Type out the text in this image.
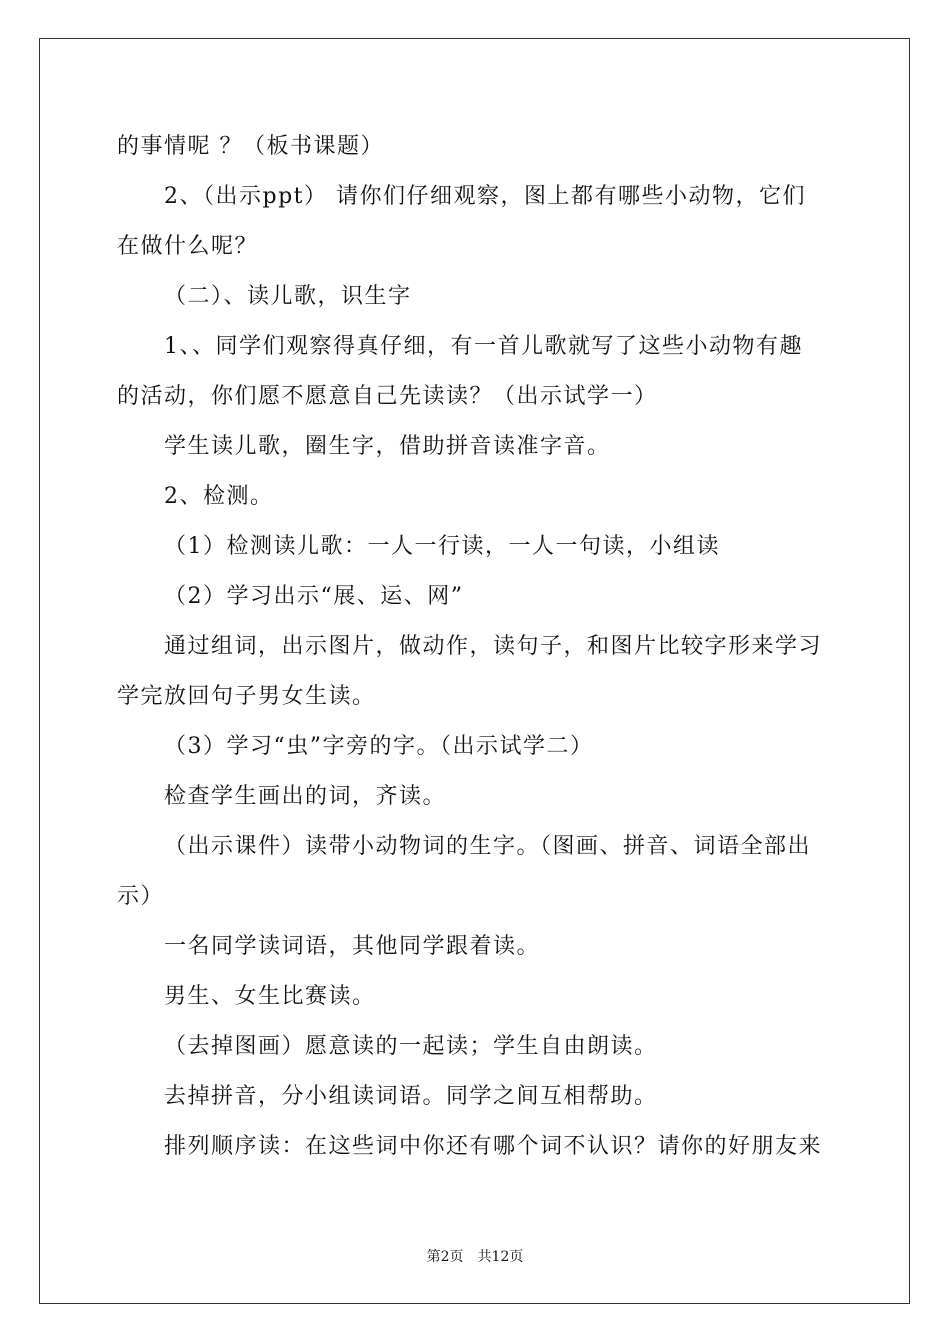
的事情呢 ？（板书课题）
2、（出示ppt） 请你们仔细观察，图上都有哪些小动物，它们
在做什么呢？
（二）、读儿歌，识生字
1、、同学们观察得真仔细，有一首儿歌就写了这些小动物有趣
的活动，你们愿不愿意自己先读读？（出示试学一）
学生读儿歌，圈生字，借助拼音读准字音。
2、检测。
（1）检测读儿歌：一人一行读，一人一句读，小组读
（2）学习出示“展、运、网”
通过组词，出示图片，做动作，读句子，和图片比较字形来学习
学完放回句子男女生读。
（3）学习“虫”字旁的字。（出示试学二）
检查学生画出的词，齐读。
（出示课件）读带小动物词的生字。（图画、拼音、词语全部出
示）
一名同学读词语，其他同学跟着读。
男生、女生比赛读。
（去掉图画）愿意读的一起读；学生自由朗读。
去掉拼音，分小组读词语。同学之间互相帮助。
排列顺序读：在这些词中你还有哪个词不认识？请你的好朋友来
第2页　共12页
